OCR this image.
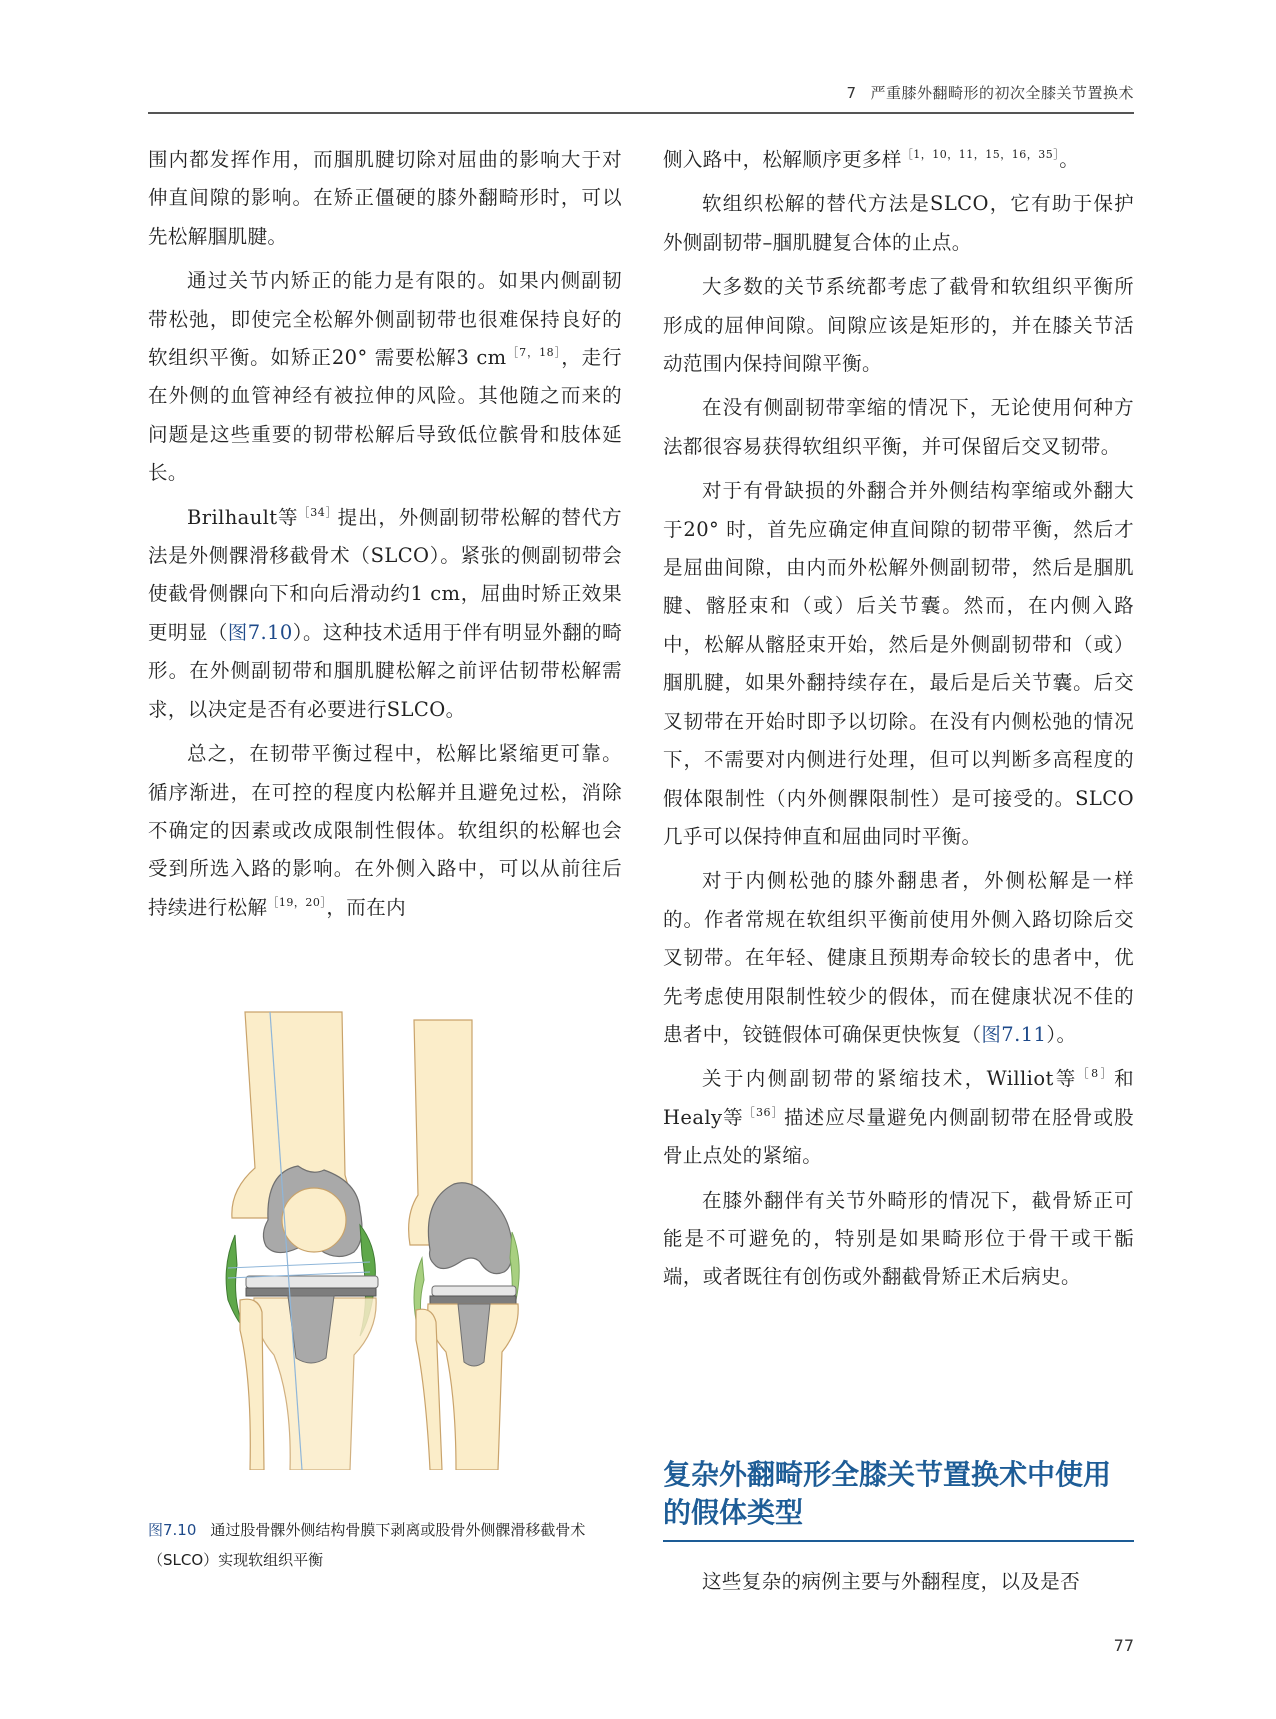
7 严重膝外翻畸形的初次全膝关节置换术

围内都发挥作用，而腘肌腱切除对屈曲的影响大于对伸直间隙的影响。在矫正僵硬的膝外翻畸形时，可以先松解腘肌腱。

通过关节内矫正的能力是有限的。如果内侧副韧带松弛，即使完全松解外侧副韧带也很难保持良好的软组织平衡。如矫正20° 需要松解3 $cm^{[7,18]}$，走行在外侧的血管神经有被拉伸的风险。其他随之而来的问题是这些重要的韧带松解后导致低位髌骨和肢体延长。

Brilhault等$^{[34]}$提出，外侧副韧带松解的替代方法是外侧髁滑移截骨术（SLCO）。紧张的侧副韧带会使截骨侧髁向下和向后滑动约1 cm，屈曲时矫正效果更明显（图7.10）。这种技术适用于伴有明显外翻的畸形。在外侧副韧带和腘肌腱松解之前评估韧带松解需求，以决定是否有必要进行SLCO。

总之，在韧带平衡过程中，松解比紧缩更可靠。循序渐进，在可控的程度内松解并且避免过松，消除不确定的因素或改成限制性假体。软组织的松解也会受到所选入路的影响。在外侧入路中，可以从前往后持续进行松解$^{[19,20]}$，而在内

侧入路中，松解顺序更多样$^{[1,10,11,15,16,35]}$。

软组织松解的替代方法是SLCO，它有助于保护外侧副韧带–腘肌腱复合体的止点。

大多数的关节系统都考虑了截骨和软组织平衡所形成的屈伸间隙。间隙应该是矩形的，并在膝关节活动范围内保持间隙平衡。

在没有侧副韧带挛缩的情况下，无论使用何种方法都很容易获得软组织平衡，并可保留后交叉韧带。

对于有骨缺损的外翻合并外侧结构挛缩或外翻大于20° 时，首先应确定伸直间隙的韧带平衡，然后才是屈曲间隙，由内而外松解外侧副韧带，然后是腘肌腱、髂胫束和（或）后关节囊。然而，在内侧入路中，松解从髂胫束开始，然后是外侧副韧带和（或）腘肌腱，如果外翻持续存在，最后是后关节囊。后交叉韧带在开始时即予以切除。在没有内侧松弛的情况下，不需要对内侧进行处理，但可以判断多高程度的假体限制性（内外侧髁限制性）是可接受的。SLCO几乎可以保持伸直和屈曲同时平衡。

对于内侧松弛的膝外翻患者，外侧松解是一样的。作者常规在软组织平衡前使用外侧入路切除后交叉韧带。在年轻、健康且预期寿命较长的患者中，优先考虑使用限制性较少的假体，而在健康状况不佳的患者中，铰链假体可确保更快恢复（图7.11）。

关于内侧副韧带的紧缩技术，Williot等$^{[8]}$和Healy等$^{[36]}$描述应尽量避免内侧副韧带在胫骨或股骨止点处的紧缩。

在膝外翻伴有关节外畸形的情况下，截骨矫正可能是不可避免的，特别是如果畸形位于骨干或干骺端，或者既往有创伤或外翻截骨矫正术后病史。

复杂外翻畸形全膝关节置换术中使用的假体类型
这些复杂的病例主要与外翻程度，以及是否
图7.10 通过股骨髁外侧结构骨膜下剥离或股骨外侧髁滑移截骨术（SLCO）实现软组织平衡
77
